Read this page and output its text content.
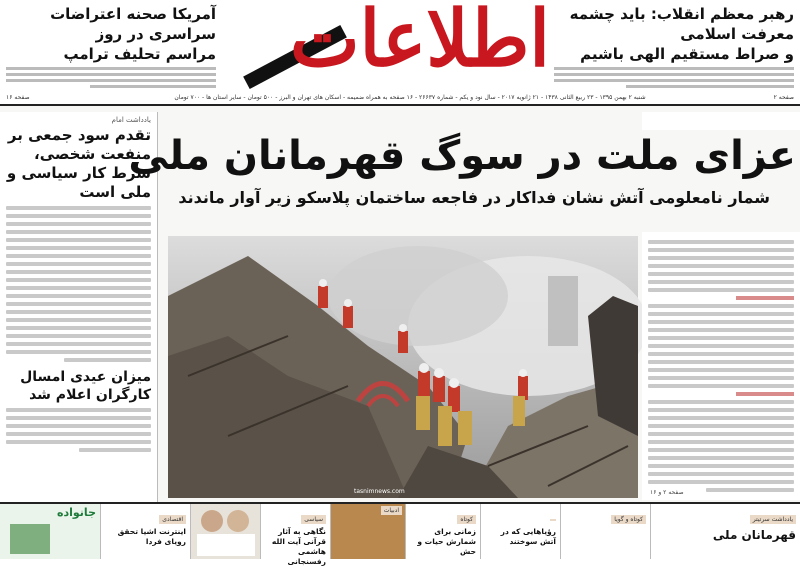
رهبر معظم انقلاب: باید چشمه معرفت اسلامی
و صراط مستقیم الهی باشیم
اطلاعات
آمریکا صحنه اعتراضات سراسری در روز
مراسم تحلیف ترامپ
صفحه ۲
صفحه ۱۶	شنبه ۲ بهمن ۱۳۹۵ - ۲۳ ربیع الثانی ۱۴۳۸ - ۲۱ ژانویه ۲۰۱۷ - سال نود و یکم - شماره ۲۶۶۳۷ - ۱۶ صفحه به همراه ضمیمه - اسکان های تهران و البرز - ۵۰۰ تومان - سایر استان ها - ۷۰۰ تومان
یادداشت امام
تقدم سود جمعی بر منفعت شخصی، شرط کار سیاسی و ملی است
میزان عیدی امسال کارگران اعلام شد
عزای ملت در سوگ قهرمانان ملی
شمار نامعلومی آتش نشان فداکار در فاجعه ساختمان پلاسکو زیر آوار ماندند
tasnimnews.com	صفحه ۲ و ۱۶
یادداشت سرتیتر
قهرمانان ملی
کوتاه و گویا
رؤیاهایی که در آتش سوختند
کوتاه
زمانی برای شمارش حیات و حش
ادبیات
سیاسی
نگاهی به آثار قرآنی آیت الله هاشمی رفسنجانی
اقتصادی
اینترنت اشیا تحقق رویای فردا
جانواده
